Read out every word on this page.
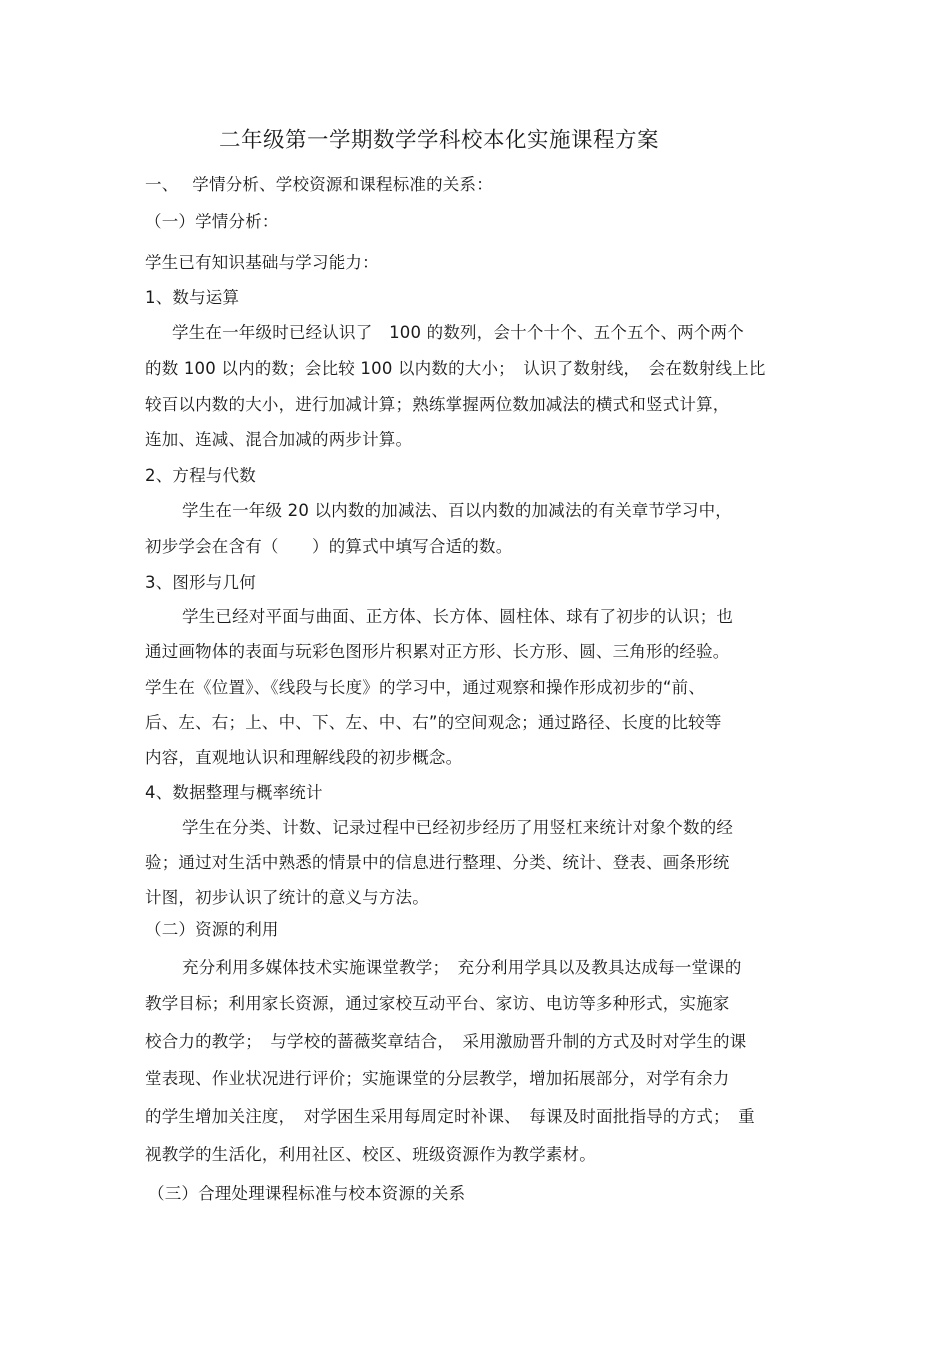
二年级第一学期数学学科校本化实施课程方案
一、　 学情分析、学校资源和课程标准的关系：
（一）学情分析：
学生已有知识基础与学习能力：
1、数与运算
学生在一年级时已经认识了　100 的数列，会十个十个、五个五个、两个两个
的数 100 以内的数；会比较 100 以内数的大小；　认识了数射线，　会在数射线上比
较百以内数的大小，进行加减计算；熟练掌握两位数加减法的横式和竖式计算，
连加、连减、混合加减的两步计算。
2、方程与代数
学生在一年级 20 以内数的加减法、百以内数的加减法的有关章节学习中，
初步学会在含有（　　）的算式中填写合适的数。
3、图形与几何
学生已经对平面与曲面、正方体、长方体、圆柱体、球有了初步的认识；也
通过画物体的表面与玩彩色图形片积累对正方形、长方形、圆、三角形的经验。
学生在《位置》、《线段与长度》的学习中，通过观察和操作形成初步的“前、
后、左、右；上、中、下、左、中、右”的空间观念；通过路径、长度的比较等
内容，直观地认识和理解线段的初步概念。
4、数据整理与概率统计
学生在分类、计数、记录过程中已经初步经历了用竖杠来统计对象个数的经
验；通过对生活中熟悉的情景中的信息进行整理、分类、统计、登表、画条形统
计图，初步认识了统计的意义与方法。
（二）资源的利用
充分利用多媒体技术实施课堂教学；　充分利用学具以及教具达成每一堂课的
教学目标；利用家长资源，通过家校互动平台、家访、电访等多种形式，实施家
校合力的教学；　与学校的蔷薇奖章结合，　采用激励晋升制的方式及时对学生的课
堂表现、作业状况进行评价；实施课堂的分层教学，增加拓展部分，对学有余力
的学生增加关注度，　对学困生采用每周定时补课、　每课及时面批指导的方式；　重
视教学的生活化，利用社区、校区、班级资源作为教学素材。
（三）合理处理课程标准与校本资源的关系
